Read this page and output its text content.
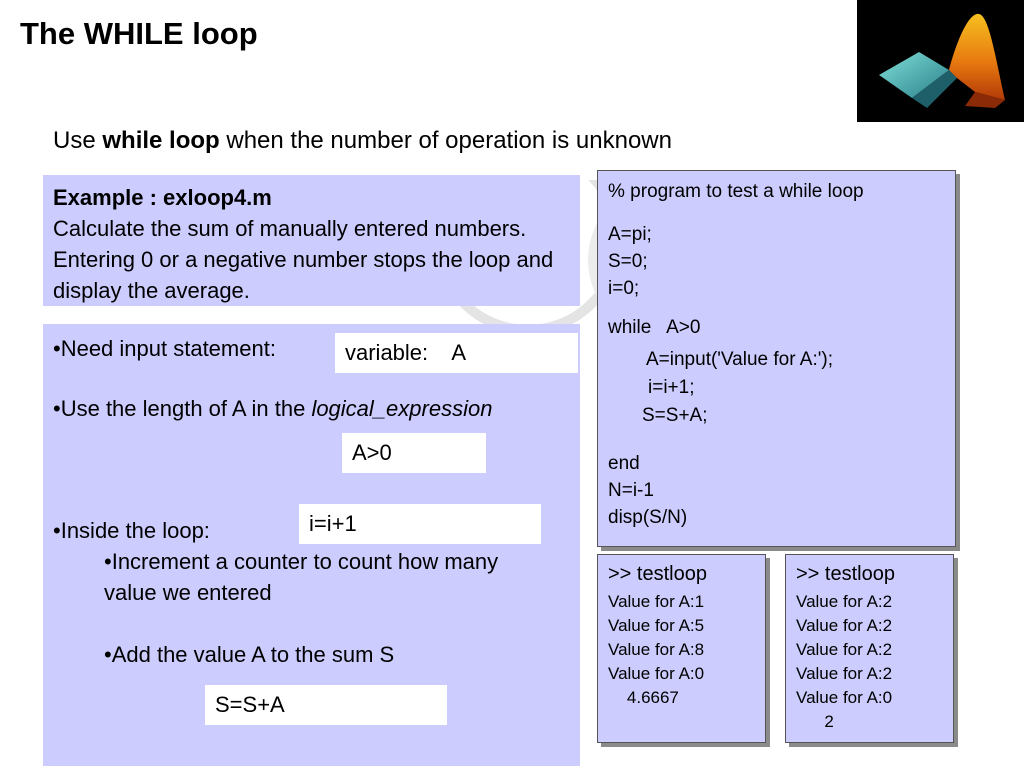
The WHILE loop
Use while loop when the number of operation is unknown
Example : exloop4.m
Calculate the sum of manually entered numbers. Entering 0 or a negative number stops the loop and display the average.
•Need input statement:
•Use the length of A in the logical_expression
•Inside the loop:
•Increment a counter to count how many
value we entered
•Add the value A to the sum S
variable:    A
A>0
i=i+1
S=S+A
% program to test a while loop
A=pi;
S=0;
i=0;
while   A>0
A=input('Value for A:');
i=i+1;
S=S+A;
end
N=i-1
disp(S/N)
>> testloop
Value for A:1
Value for A:5
Value for A:8
Value for A:0
4.6667
>> testloop
Value for A:2
Value for A:2
Value for A:2
Value for A:2
Value for A:0
2
